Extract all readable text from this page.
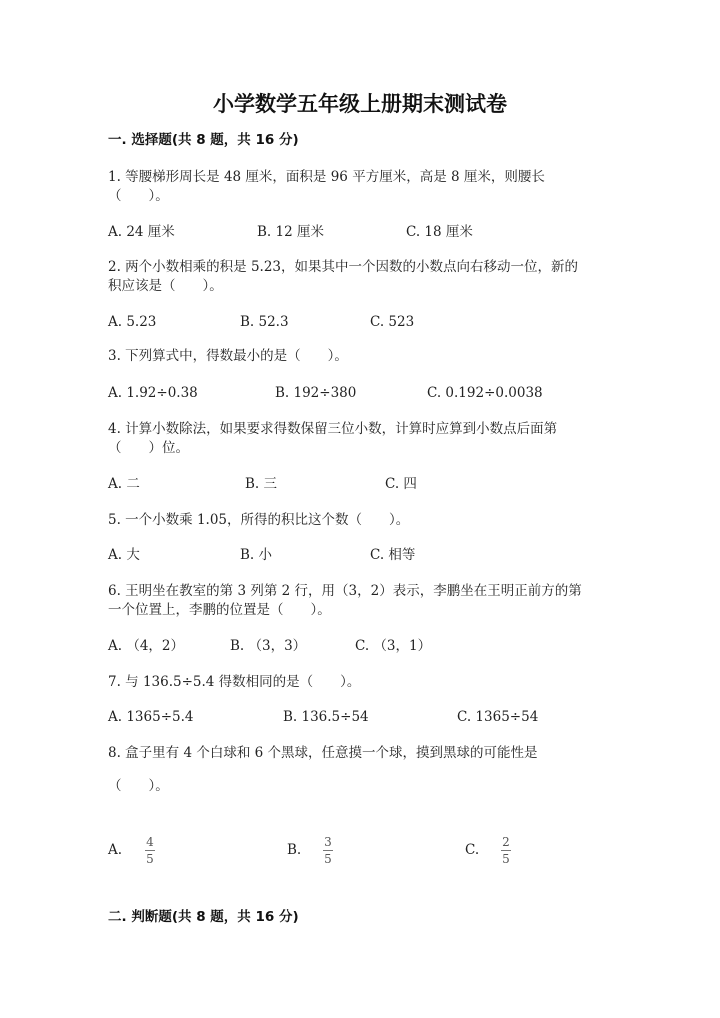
小学数学五年级上册期末测试卷
一. 选择题(共 8 题，共 16 分)
1. 等腰梯形周长是 48 厘米，面积是 96 平方厘米，高是 8 厘米，则腰长
（　　）。
A. 24 厘米	B. 12 厘米	C. 18 厘米
2. 两个小数相乘的积是 5.23，如果其中一个因数的小数点向右移动一位，新的
积应该是（　　）。
A. 5.23	B. 52.3	C. 523
3. 下列算式中，得数最小的是（　　）。
A. 1.92÷0.38	B. 192÷380	C. 0.192÷0.0038
4. 计算小数除法，如果要求得数保留三位小数，计算时应算到小数点后面第
（　　）位。
A. 二	B. 三	C. 四
5. 一个小数乘 1.05，所得的积比这个数（　　）。
A. 大	B. 小	C. 相等
6. 王明坐在教室的第 3 列第 2 行，用（3，2）表示，李鹏坐在王明正前方的第
一个位置上，李鹏的位置是（　　）。
A. （4，2）	B. （3，3）	C. （3，1）
7. 与 136.5÷5.4 得数相同的是（　　）。
A. 1365÷5.4	B. 136.5÷54	C. 1365÷54
8. 盒子里有 4 个白球和 6 个黑球，任意摸一个球，摸到黑球的可能性是
（　　）。
A. 4
5
B. 3
5
C. 2
5
二. 判断题(共 8 题，共 16 分)
